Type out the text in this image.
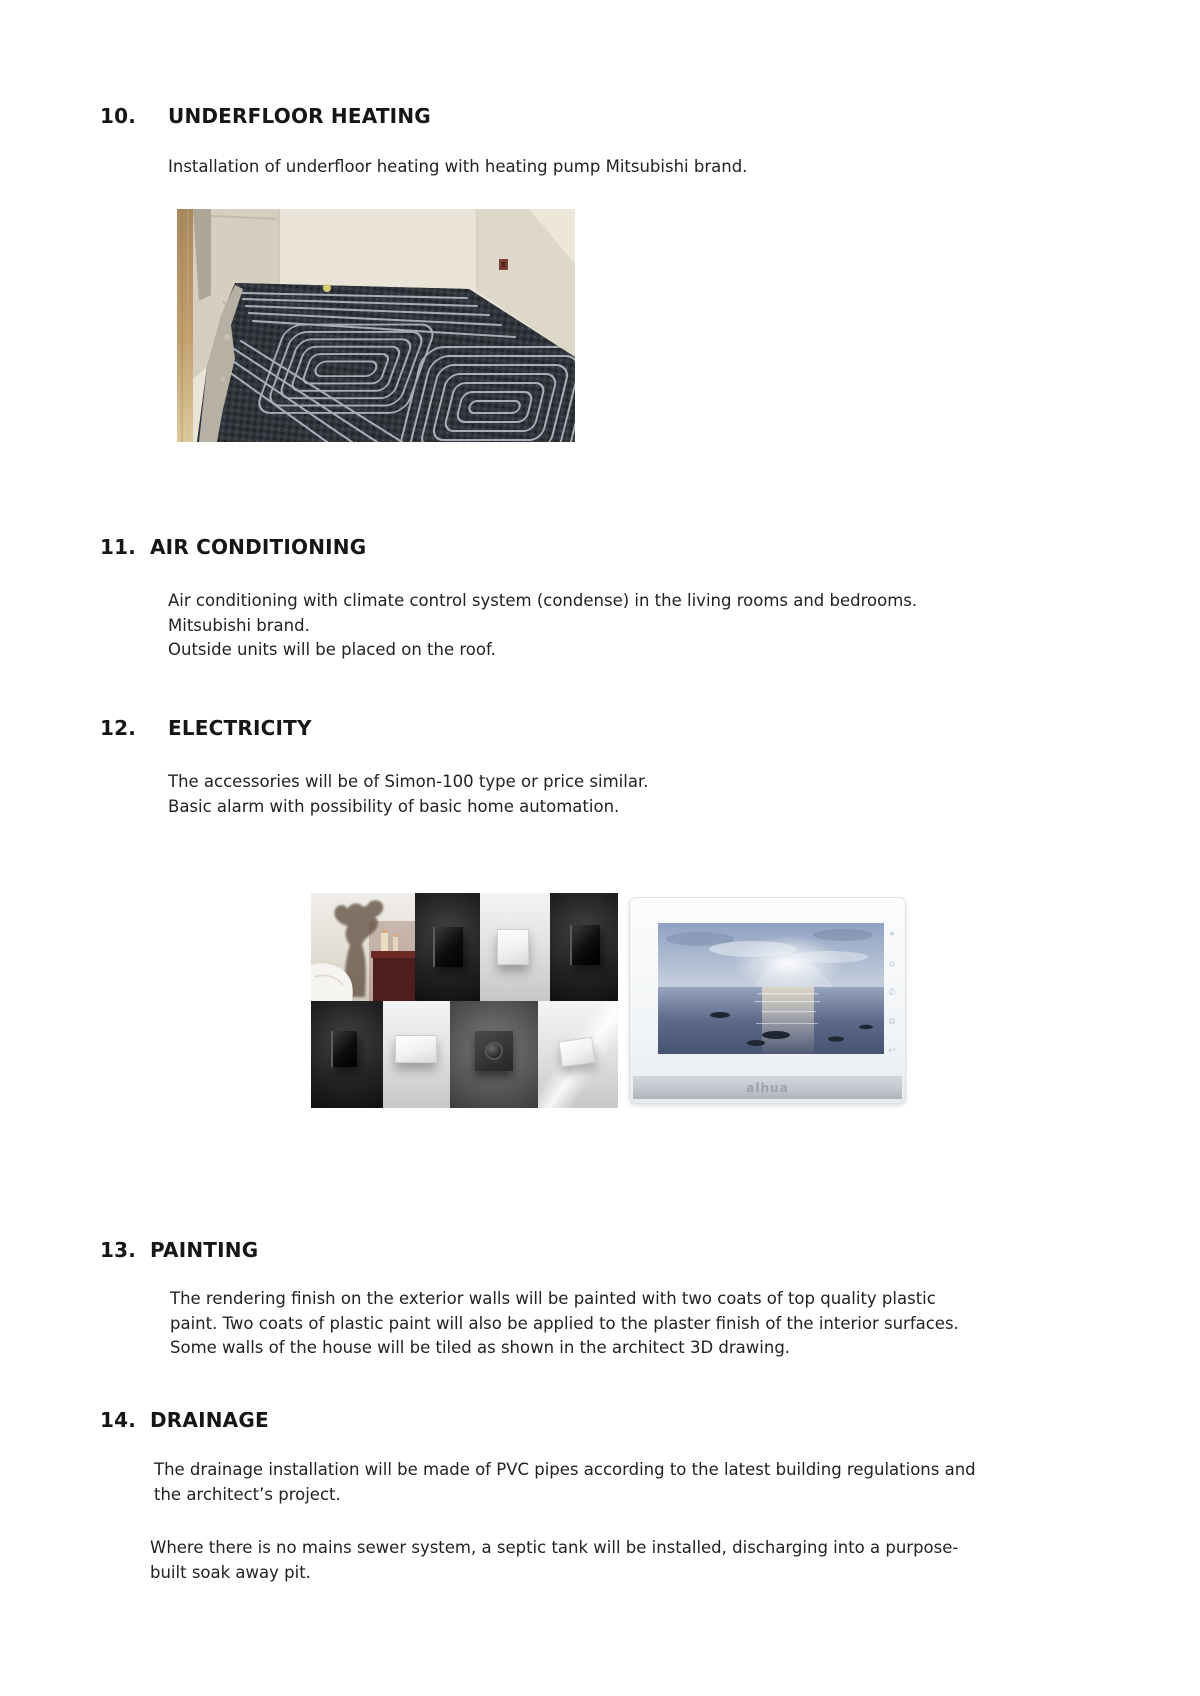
10. UNDERFLOOR HEATING
Installation of underfloor heating with heating pump Mitsubishi brand.
11. AIR CONDITIONING
Air conditioning with climate control system (condense) in the living rooms and bedrooms.
Mitsubishi brand.
Outside units will be placed on the roof.
12. ELECTRICITY
The accessories will be of Simon-100 type or price similar.
Basic alarm with possibility of basic home automation.
✶
⌂
✆
⧉
↩
alhua
13. PAINTING
The rendering finish on the exterior walls will be painted with two coats of top quality plastic
paint. Two coats of plastic paint will also be applied to the plaster finish of the interior surfaces.
Some walls of the house will be tiled as shown in the architect 3D drawing.
14. DRAINAGE
The drainage installation will be made of PVC pipes according to the latest building regulations and
the architect’s project.
Where there is no mains sewer system, a septic tank will be installed, discharging into a purpose-
built soak away pit.
